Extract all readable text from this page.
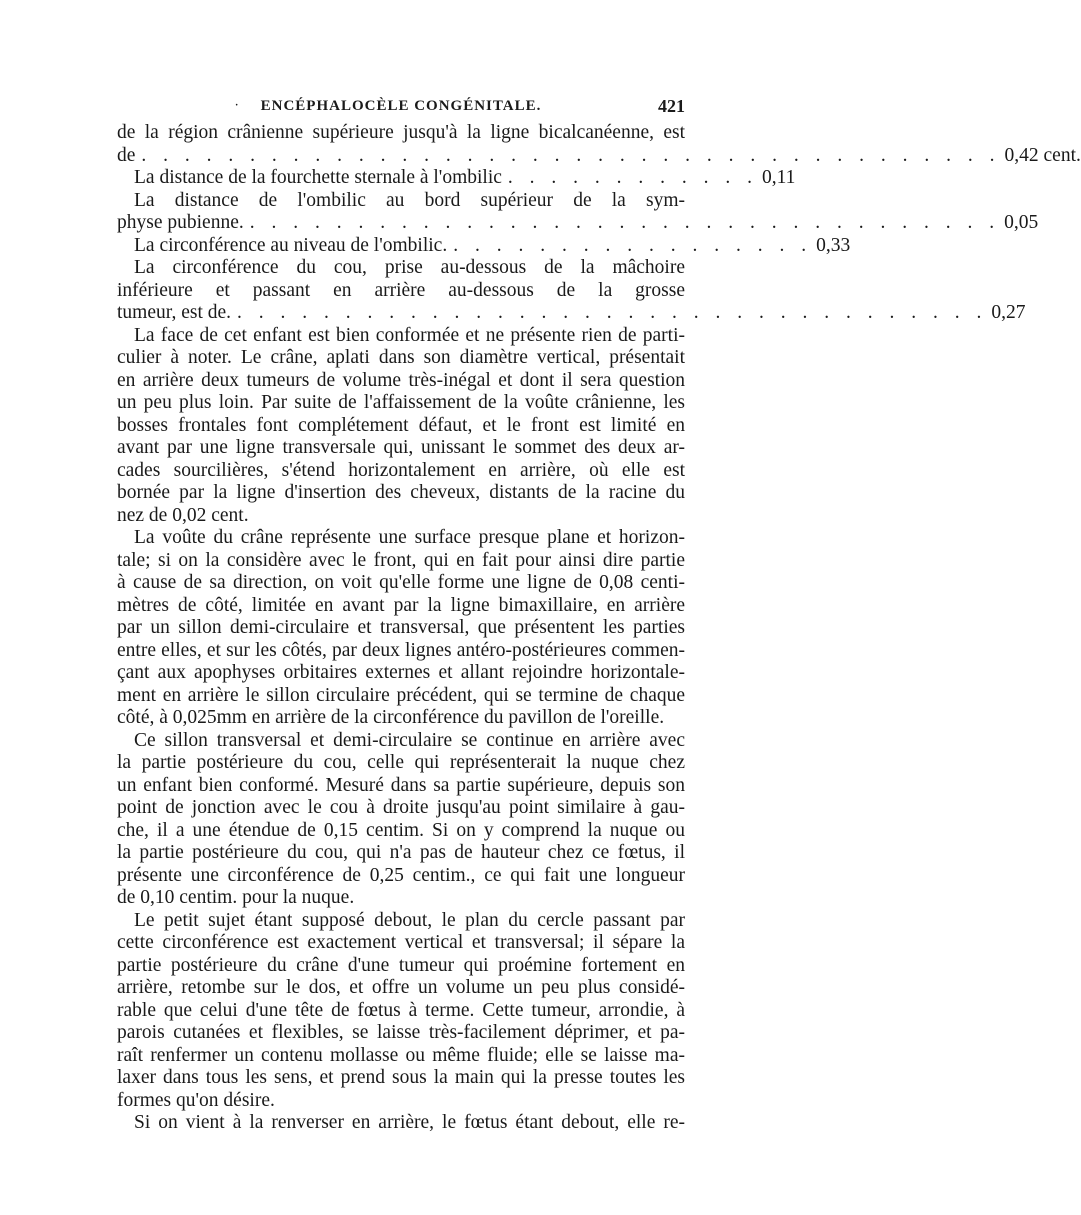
·	ENCÉPHALOCÈLE CONGÉNITALE.	421
de la région crânienne supérieure jusqu'à la ligne bicalcanéenne, est
de . . . . . . . . . . . . . . . . . . . . . . . . . . . . . . . . . . . . . . . . 0,42 cent.
La distance de la fourchette sternale à l'ombilic . . . . . . . . . . . . 0,11
La distance de l'ombilic au bord supérieur de la sym-
physe pubienne. . . . . . . . . . . . . . . . . . . . . . . . . . . . . . . . . . . . 0,05
La circonférence au niveau de l'ombilic. . . . . . . . . . . . . . . . . . 0,33
La circonférence du cou, prise au-dessous de la mâchoire
inférieure et passant en arrière au-dessous de la grosse
tumeur, est de. . . . . . . . . . . . . . . . . . . . . . . . . . . . . . . . . . . . 0,27
La face de cet enfant est bien conformée et ne présente rien de parti-
culier à noter. Le crâne, aplati dans son diamètre vertical, présentait
en arrière deux tumeurs de volume très-inégal et dont il sera question
un peu plus loin. Par suite de l'affaissement de la voûte crânienne, les
bosses frontales font complétement défaut, et le front est limité en
avant par une ligne transversale qui, unissant le sommet des deux ar-
cades sourcilières, s'étend horizontalement en arrière, où elle est
bornée par la ligne d'insertion des cheveux, distants de la racine du
nez de 0,02 cent.
La voûte du crâne représente une surface presque plane et horizon-
tale; si on la considère avec le front, qui en fait pour ainsi dire partie
à cause de sa direction, on voit qu'elle forme une ligne de 0,08 centi-
mètres de côté, limitée en avant par la ligne bimaxillaire, en arrière
par un sillon demi-circulaire et transversal, que présentent les parties
entre elles, et sur les côtés, par deux lignes antéro-postérieures commen-
çant aux apophyses orbitaires externes et allant rejoindre horizontale-
ment en arrière le sillon circulaire précédent, qui se termine de chaque
côté, à 0,025mm en arrière de la circonférence du pavillon de l'oreille.
Ce sillon transversal et demi-circulaire se continue en arrière avec
la partie postérieure du cou, celle qui représenterait la nuque chez
un enfant bien conformé. Mesuré dans sa partie supérieure, depuis son
point de jonction avec le cou à droite jusqu'au point similaire à gau-
che, il a une étendue de 0,15 centim. Si on y comprend la nuque ou
la partie postérieure du cou, qui n'a pas de hauteur chez ce fœtus, il
présente une circonférence de 0,25 centim., ce qui fait une longueur
de 0,10 centim. pour la nuque.
Le petit sujet étant supposé debout, le plan du cercle passant par
cette circonférence est exactement vertical et transversal; il sépare la
partie postérieure du crâne d'une tumeur qui proémine fortement en
arrière, retombe sur le dos, et offre un volume un peu plus considé-
rable que celui d'une tête de fœtus à terme. Cette tumeur, arrondie, à
parois cutanées et flexibles, se laisse très-facilement déprimer, et pa-
raît renfermer un contenu mollasse ou même fluide; elle se laisse ma-
laxer dans tous les sens, et prend sous la main qui la presse toutes les
formes qu'on désire.
Si on vient à la renverser en arrière, le fœtus étant debout, elle re-
